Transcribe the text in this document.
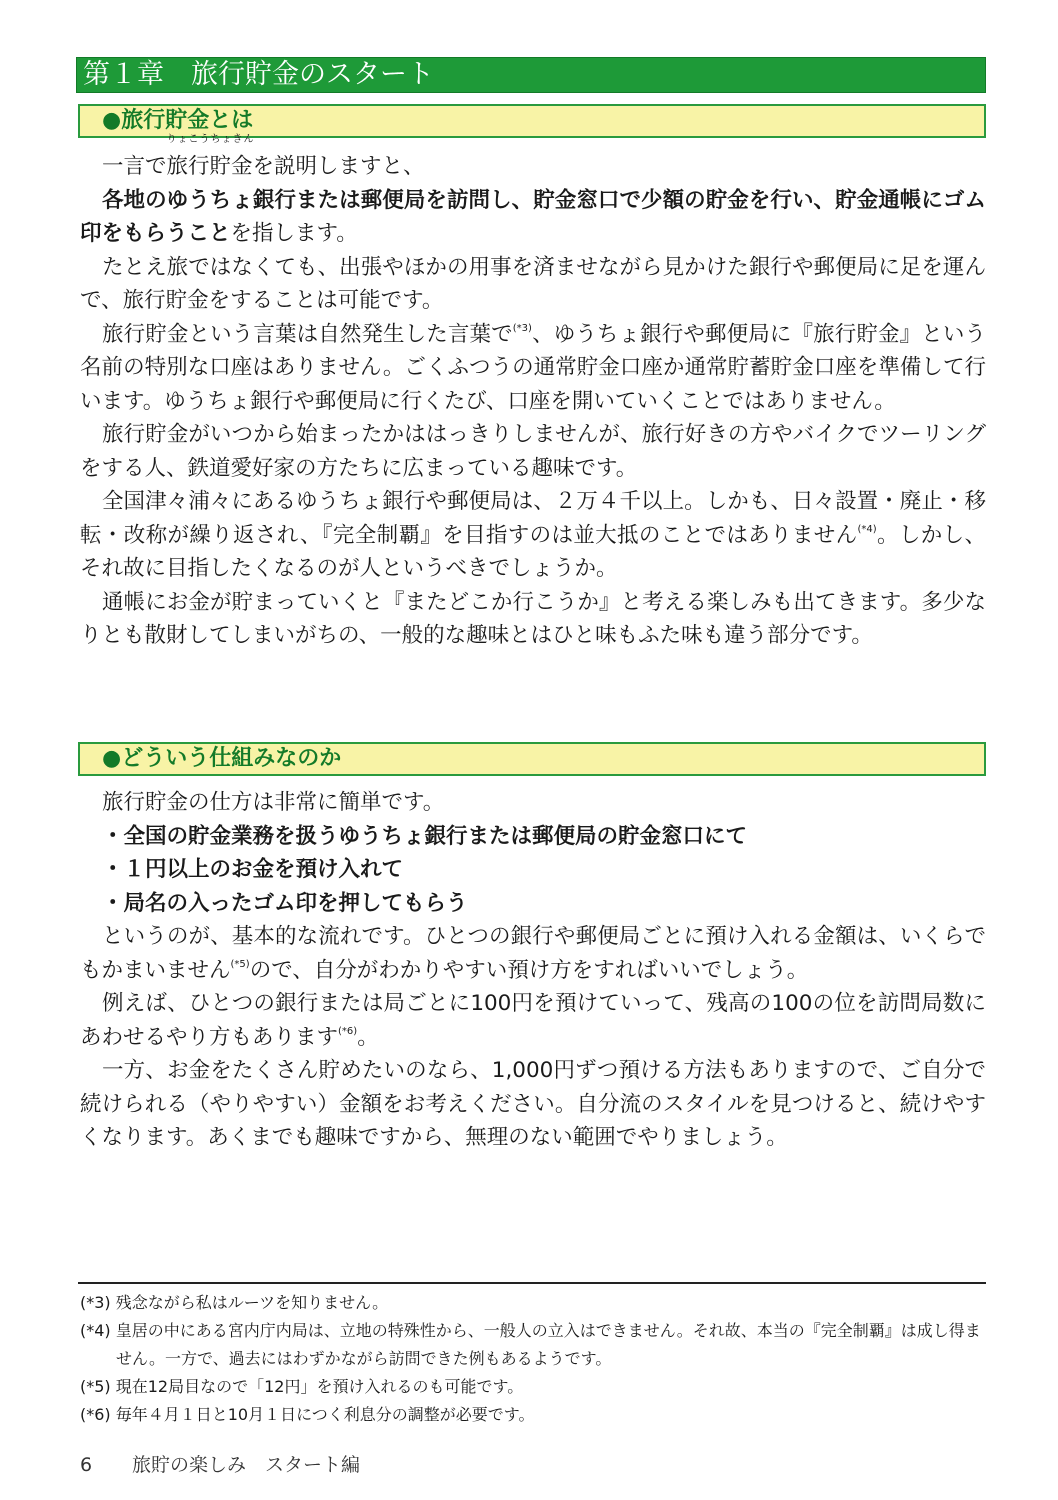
第１章　旅行貯金のスタート
●旅行貯金とは

一言で
りょこうちょきん
旅行貯金を説明しますと、

各地のゆうちょ銀行または郵便局を訪問し、貯金窓口で少額の貯金を行い、貯金通帳にゴム印をもらうことを指します。

たとえ旅ではなくても、出張やほかの用事を済ませながら見かけた銀行や郵便局に足を運んで、旅行貯金をすることは可能です。

旅行貯金という言葉は自然発生した言葉で$^{(*3)}$、ゆうちょ銀行や郵便局に『旅行貯金』という名前の特別な口座はありません。ごくふつうの通常貯金口座か通常貯蓄貯金口座を準備して行います。ゆうちょ銀行や郵便局に行くたび、口座を開いていくことではありません。

旅行貯金がいつから始まったかははっきりしませんが、旅行好きの方やバイクでツーリングをする人、鉄道愛好家の方たちに広まっている趣味です。

全国津々浦々にあるゆうちょ銀行や郵便局は、２万４千以上。しかも、日々設置・廃止・移転・改称が繰り返され、『完全制覇』を目指すのは並大抵のことではありません$^{(*4)}$。しかし、それ故に目指したくなるのが人というべきでしょうか。

通帳にお金が貯まっていくと『またどこか行こうか』と考える楽しみも出てきます。多少なりとも散財してしまいがちの、一般的な趣味とはひと味もふた味も違う部分です。

●どういう仕組みなのか

旅行貯金の仕方は非常に簡単です。

・全国の貯金業務を扱うゆうちょ銀行または郵便局の貯金窓口にて

・１円以上のお金を預け入れて

・局名の入ったゴム印を押してもらう

というのが、基本的な流れです。ひとつの銀行や郵便局ごとに預け入れる金額は、いくらでもかまいません$^{(*5)}$ので、自分がわかりやすい預け方をすればいいでしょう。

例えば、ひとつの銀行または局ごとに100円を預けていって、残高の100の位を訪問局数にあわせるやり方もあります$^{(*6)}$。

一方、お金をたくさん貯めたいのなら、1,000円ずつ預ける方法もありますので、ご自分で続けられる（やりやすい）金額をお考えください。自分流のスタイルを見つけると、続けやすくなります。あくまでも趣味ですから、無理のない範囲でやりましょう。

(*3) 残念ながら私はルーツを知りません。

(*4) 皇居の中にある宮内庁内局は、立地の特殊性から、一般人の立入はできません。それ故、本当の『完全制覇』は成し得ません。一方で、過去にはわずかながら訪問できた例もあるようです。

(*5) 現在12局目なので「12円」を預け入れるのも可能です。

(*6) 毎年４月１日と10月１日につく利息分の調整が必要です。

6 旅貯の楽しみ　スタート編
